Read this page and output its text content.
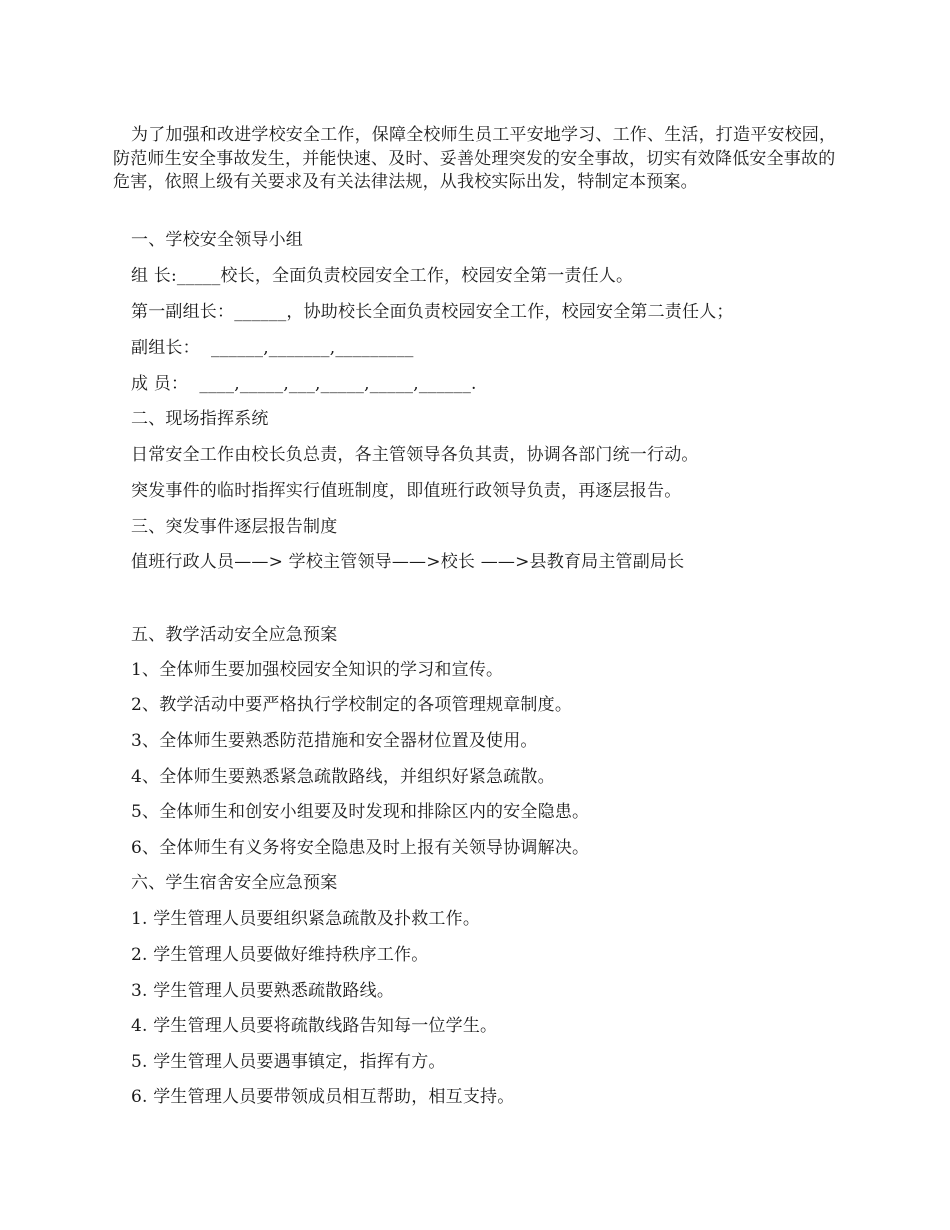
为了加强和改进学校安全工作，保障全校师生员工平安地学习、工作、生活，打造平安校园，防范师生安全事故发生，并能快速、及时、妥善处理突发的安全事故，切实有效降低安全事故的危害，依照上级有关要求及有关法律法规，从我校实际出发，特制定本预案。

一、学校安全领导小组

组 长:_____校长，全面负责校园安全工作，校园安全第一责任人。

第一副组长：______，协助校长全面负责校园安全工作，校园安全第二责任人；

副组长：  ______,_______,_________

成 员：  ____,_____,___,_____,_____,______.

二、现场指挥系统

日常安全工作由校长负总责，各主管领导各负其责，协调各部门统一行动。

突发事件的临时指挥实行值班制度，即值班行政领导负责，再逐层报告。

三、突发事件逐层报告制度

值班行政人员——> 学校主管领导——>校长 ——>县教育局主管副局长

五、教学活动安全应急预案

1、全体师生要加强校园安全知识的学习和宣传。

2、教学活动中要严格执行学校制定的各项管理规章制度。

3、全体师生要熟悉防范措施和安全器材位置及使用。

4、全体师生要熟悉紧急疏散路线，并组织好紧急疏散。

5、全体师生和创安小组要及时发现和排除区内的安全隐患。

6、全体师生有义务将安全隐患及时上报有关领导协调解决。

六、学生宿舍安全应急预案

1. 学生管理人员要组织紧急疏散及扑救工作。

2. 学生管理人员要做好维持秩序工作。

3. 学生管理人员要熟悉疏散路线。

4. 学生管理人员要将疏散线路告知每一位学生。

5. 学生管理人员要遇事镇定，指挥有方。

6. 学生管理人员要带领成员相互帮助，相互支持。
